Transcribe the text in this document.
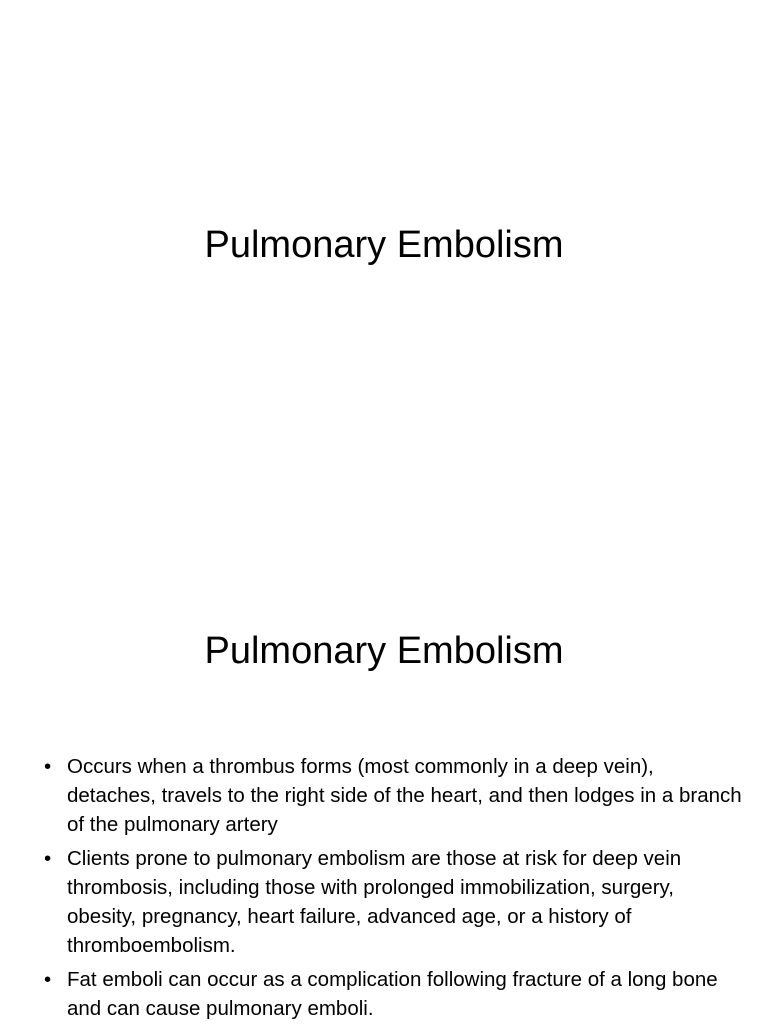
Pulmonary Embolism
Pulmonary Embolism
• Occurs when a thrombus forms (most commonly in a deep vein), detaches, travels to the right side of the heart, and then lodges in a branch of the pulmonary artery
• Clients prone to pulmonary embolism are those at risk for deep vein thrombosis, including those with prolonged immobilization, surgery, obesity, pregnancy, heart failure, advanced age, or a history of thromboembolism.
• Fat emboli can occur as a complication following fracture of a long bone and can cause pulmonary emboli.
